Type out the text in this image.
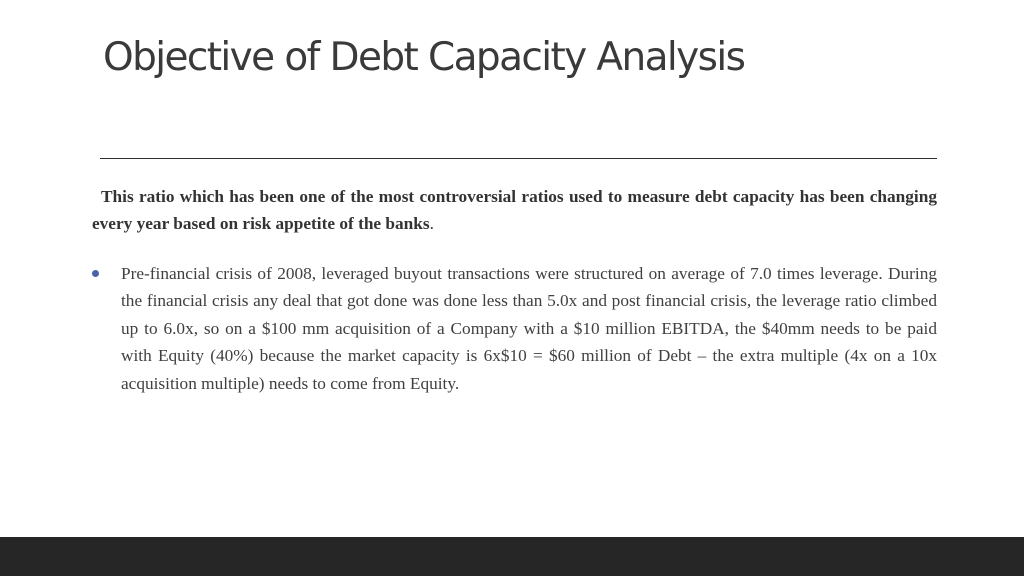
Objective of Debt Capacity Analysis

This ratio which has been one of the most controversial ratios used to measure debt capacity has been changing every year based on risk appetite of the banks.

Pre-financial crisis of 2008, leveraged buyout transactions were structured on average of 7.0 times leverage. During the financial crisis any deal that got done was done less than 5.0x and post financial crisis, the leverage ratio climbed up to 6.0x, so on a $100 mm acquisition of a Company with a $10 million EBITDA, the $40mm needs to be paid with Equity (40%) because the market capacity is 6x$10 = $60 million of Debt – the extra multiple (4x on a 10x acquisition multiple) needs to come from Equity.
